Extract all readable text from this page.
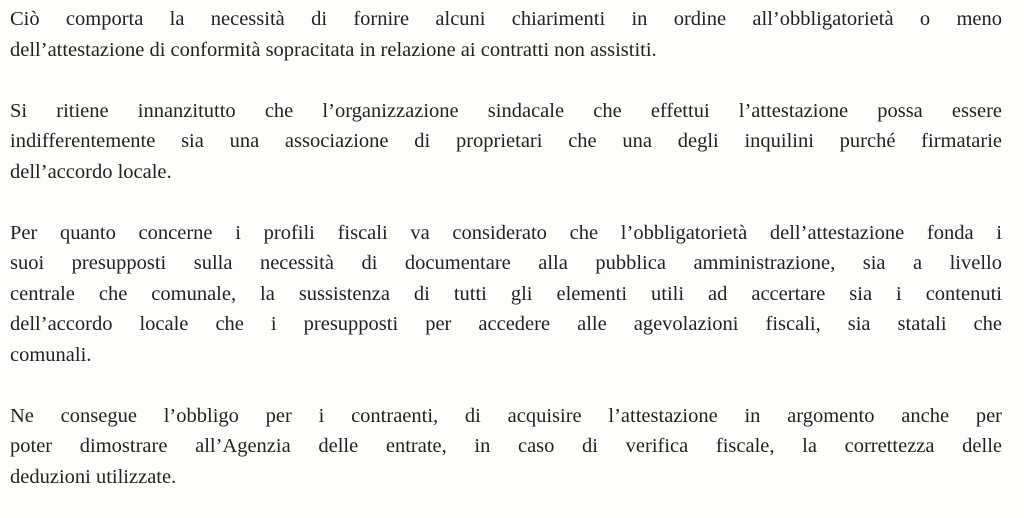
Ciò comporta la necessità di fornire alcuni chiarimenti in ordine all’obbligatorietà o meno
dell’attestazione di conformità sopracitata in relazione ai contratti non assistiti.

Si ritiene innanzitutto che l’organizzazione sindacale che effettui l’attestazione possa essere
indifferentemente sia una associazione di proprietari che una degli inquilini purché firmatarie
dell’accordo locale.

Per quanto concerne i profili fiscali va considerato che l’obbligatorietà dell’attestazione fonda i
suoi presupposti sulla necessità di documentare alla pubblica amministrazione, sia a livello
centrale che comunale, la sussistenza di tutti gli elementi utili ad accertare sia i contenuti
dell’accordo locale che i presupposti per accedere alle agevolazioni fiscali, sia statali che
comunali.

Ne consegue l’obbligo per i contraenti, di acquisire l’attestazione in argomento anche per
poter dimostrare all’Agenzia delle entrate, in caso di verifica fiscale, la correttezza delle
deduzioni utilizzate.
